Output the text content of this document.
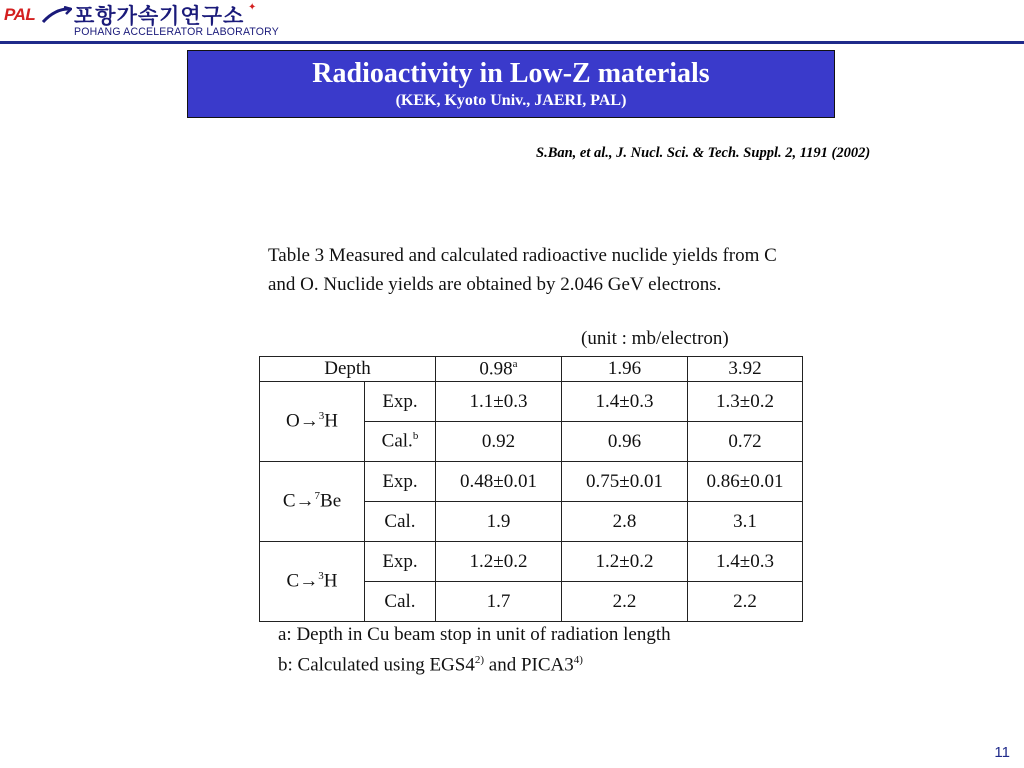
PAL 포항가속기연구소 ✦
POHANG ACCELERATOR LABORATORY
Radioactivity in Low-Z materials
(KEK, Kyoto Univ., JAERI, PAL)
S.Ban, et al., J. Nucl. Sci. & Tech. Suppl. 2, 1191 (2002)
Table 3 Measured and calculated radioactive nuclide yields from C and O. Nuclide yields are obtained by 2.046 GeV electrons.
(unit : mb/electron)
Depth		0.98$^a$	1.96	3.92
O→$^3$H	Exp.	1.1±0.3	1.4±0.3	1.3±0.2
	Cal.$^b$	0.92	0.96	0.72
C→$^7$Be	Exp.	0.48±0.01	0.75±0.01	0.86±0.01
	Cal.	1.9	2.8	3.1
C→$^3$H	Exp.	1.2±0.2	1.2±0.2	1.4±0.3
	Cal.	1.7	2.2	2.2
a: Depth in Cu beam stop in unit of radiation length
b: Calculated using EGS4$^{2)}$ and PICA3$^{4)}$
11
